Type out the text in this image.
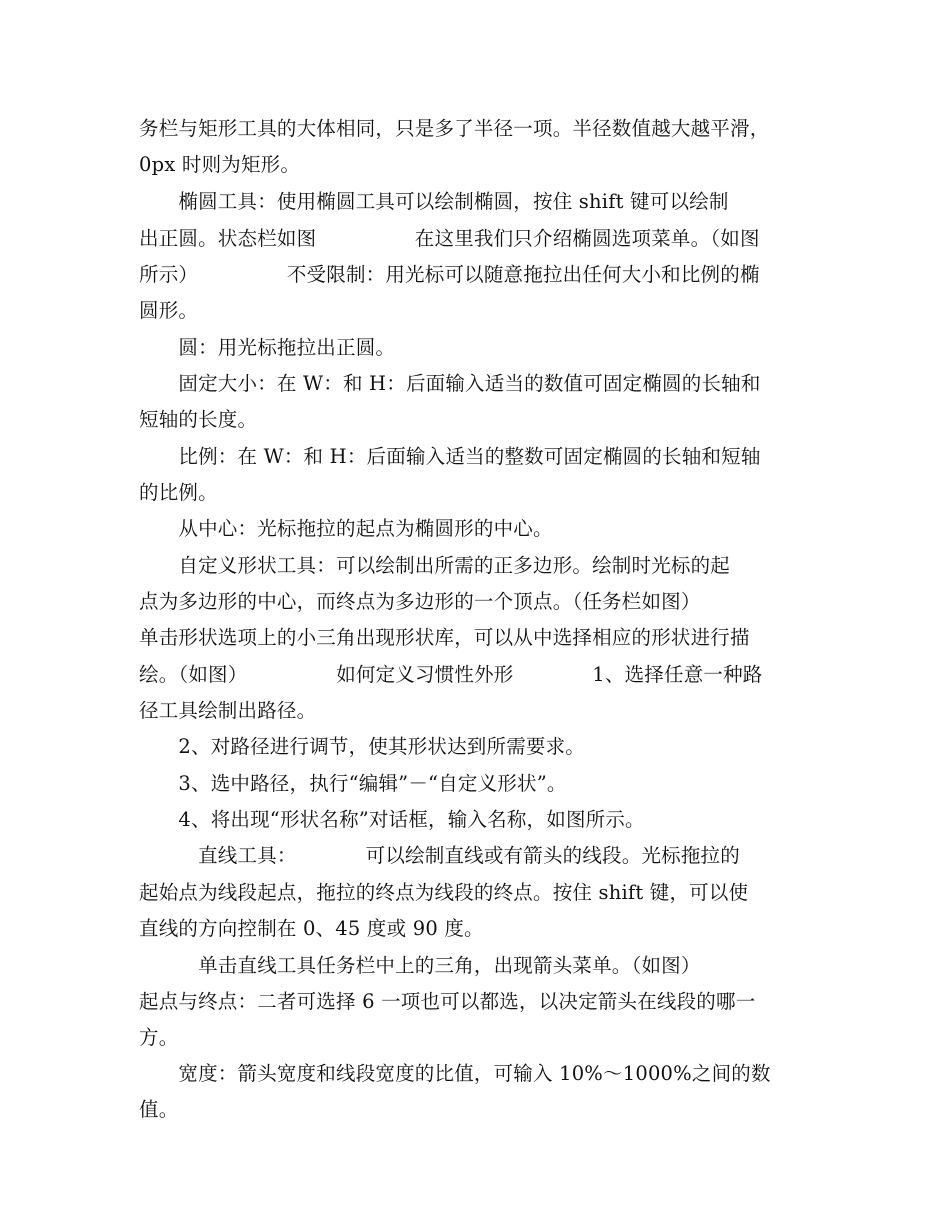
务栏与矩形工具的大体相同，只是多了半径一项。半径数值越大越平滑，
0px 时则为矩形。
　　椭圆工具：使用椭圆工具可以绘制椭圆，按住 shift 键可以绘制
出正圆。状态栏如图　　　　　在这里我们只介绍椭圆选项菜单。（如图
所示）　　　　　不受限制：用光标可以随意拖拉出任何大小和比例的椭
圆形。
　　圆：用光标拖拉出正圆。
　　固定大小：在 W：和 H：后面输入适当的数值可固定椭圆的长轴和
短轴的长度。
　　比例：在 W：和 H：后面输入适当的整数可固定椭圆的长轴和短轴
的比例。
　　从中心：光标拖拉的起点为椭圆形的中心。
　　自定义形状工具：可以绘制出所需的正多边形。绘制时光标的起
点为多边形的中心，而终点为多边形的一个顶点。（任务栏如图）
单击形状选项上的小三角出现形状库，可以从中选择相应的形状进行描
绘。（如图）　　　　　如何定义习惯性外形　　　　1、选择任意一种路
径工具绘制出路径。
　　2、对路径进行调节，使其形状达到所需要求。
　　3、选中路径，执行“编辑”－“自定义形状”。
　　4、将出现“形状名称”对话框，输入名称，如图所示。
　　　直线工具：　　　　可以绘制直线或有箭头的线段。光标拖拉的
起始点为线段起点，拖拉的终点为线段的终点。按住 shift 键，可以使
直线的方向控制在 0、45 度或 90 度。
　　　单击直线工具任务栏中上的三角，出现箭头菜单。（如图）
起点与终点：二者可选择 6 一项也可以都选，以决定箭头在线段的哪一
方。
　　宽度：箭头宽度和线段宽度的比值，可输入 10%～1000%之间的数
值。
